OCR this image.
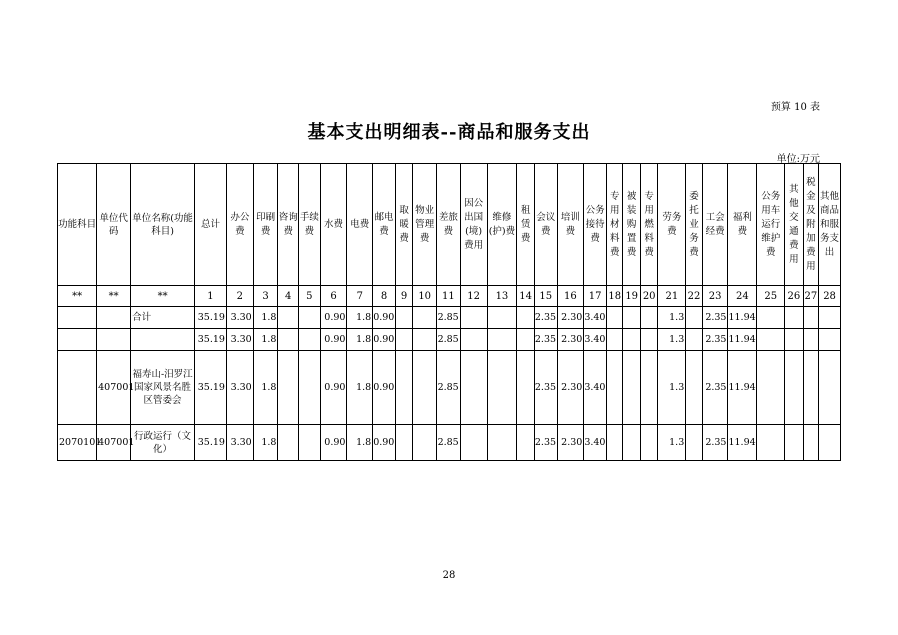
预算 10 表
基本支出明细表--商品和服务支出
单位:万元
功能科目	单位代码	单位名称(功能科目)	总计	办公费	印刷费	咨询费	手续费	水费	电费	邮电费	取暖费	物业管理费	差旅费	因公出国(境)费用	维修(护)费	租赁费	会议费	培训费	公务接待费	专用材料费	被装购置费	专用燃料费	劳务费	委托业务费	工会经费	福利费	公务用车运行维护费	其他交通费用	税金及附加费用	其他商品和服务支出
**	**	**	1	2	3	4	5	6	7	8	9	10	11	12	13	14	15	16	17	18	19	20	21	22	23	24	25	26	27	28
		合计	35.19	3.30	1.8			0.90	1.8	0.90			2.85				2.35	2.30	3.40				1.3		2.35	11.94				
			35.19	3.30	1.8			0.90	1.8	0.90			2.85				2.35	2.30	3.40				1.3		2.35	11.94				
	407001	福寿山-汨罗江国家风景名胜区管委会	35.19	3.30	1.8			0.90	1.8	0.90			2.85				2.35	2.30	3.40				1.3		2.35	11.94				
2070101	407001	行政运行（文化）	35.19	3.30	1.8			0.90	1.8	0.90			2.85				2.35	2.30	3.40				1.3		2.35	11.94				
28
